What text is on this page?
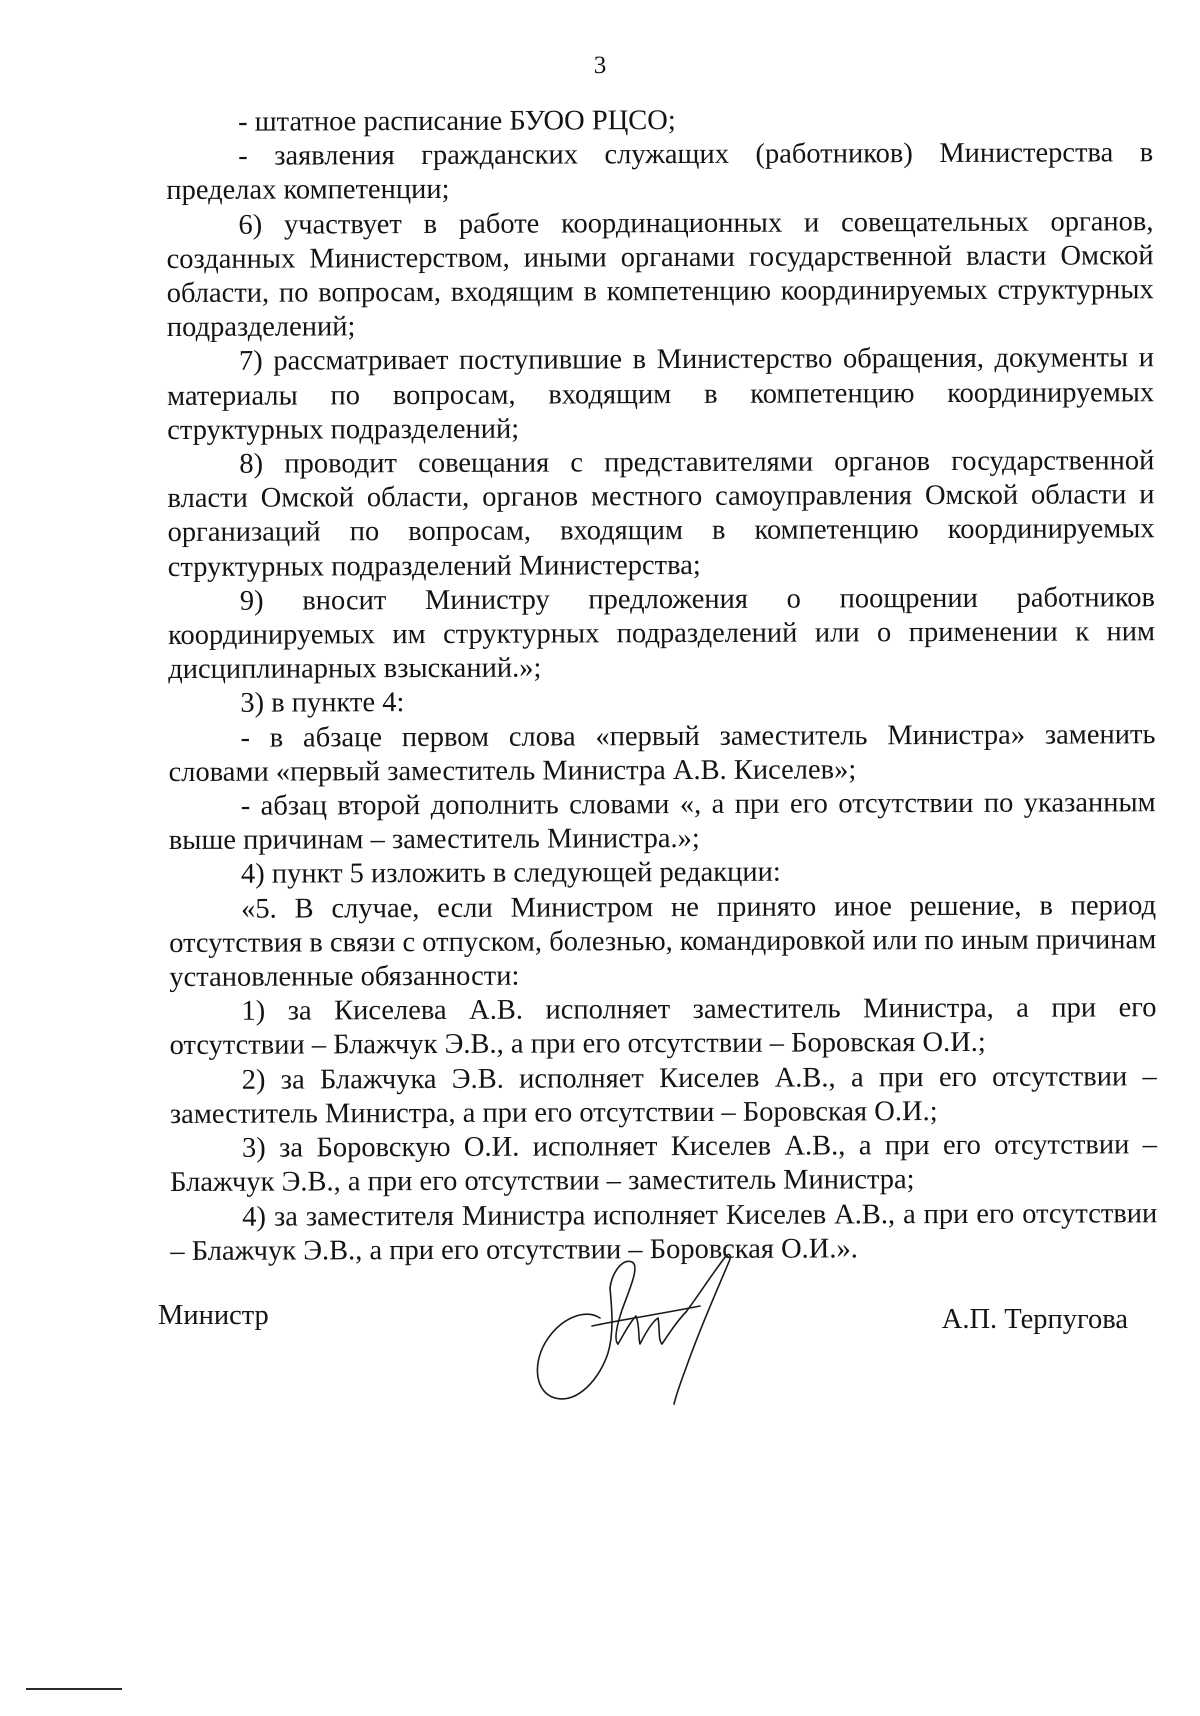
3

- штатное расписание БУОО РЦСО;

- заявления гражданских служащих (работников) Министерства в пределах компетенции;

6) участвует в работе координационных и совещательных органов, созданных Министерством, иными органами государственной власти Омской области, по вопросам, входящим в компетенцию координируемых структурных подразделений;

7) рассматривает поступившие в Министерство обращения, документы и материалы по вопросам, входящим в компетенцию координируемых структурных подразделений;

8) проводит совещания с представителями органов государственной власти Омской области, органов местного самоуправления Омской области и организаций по вопросам, входящим в компетенцию координируемых структурных подразделений Министерства;

9) вносит Министру предложения о поощрении работников координируемых им структурных подразделений или о применении к ним дисциплинарных взысканий.»;

3) в пункте 4:

- в абзаце первом слова «первый заместитель Министра» заменить словами «первый заместитель Министра А.В. Киселев»;

- абзац второй дополнить словами «, а при его отсутствии по указанным выше причинам – заместитель Министра.»;

4) пункт 5 изложить в следующей редакции:

«5. В случае, если Министром не принято иное решение, в период отсутствия в связи с отпуском, болезнью, командировкой или по иным причинам установленные обязанности:

1) за Киселева А.В. исполняет заместитель Министра, а при его отсутствии – Блажчук Э.В., а при его отсутствии – Боровская О.И.;

2) за Блажчука Э.В. исполняет Киселев А.В., а при его отсутствии – заместитель Министра, а при его отсутствии – Боровская О.И.;

3) за Боровскую О.И. исполняет Киселев А.В., а при его отсутствии – Блажчук Э.В., а при его отсутствии – заместитель Министра;

4) за заместителя Министра исполняет Киселев А.В., а при его отсутствии – Блажчук Э.В., а при его отсутствии – Боровская О.И.».

Министр	А.П. Терпугова
